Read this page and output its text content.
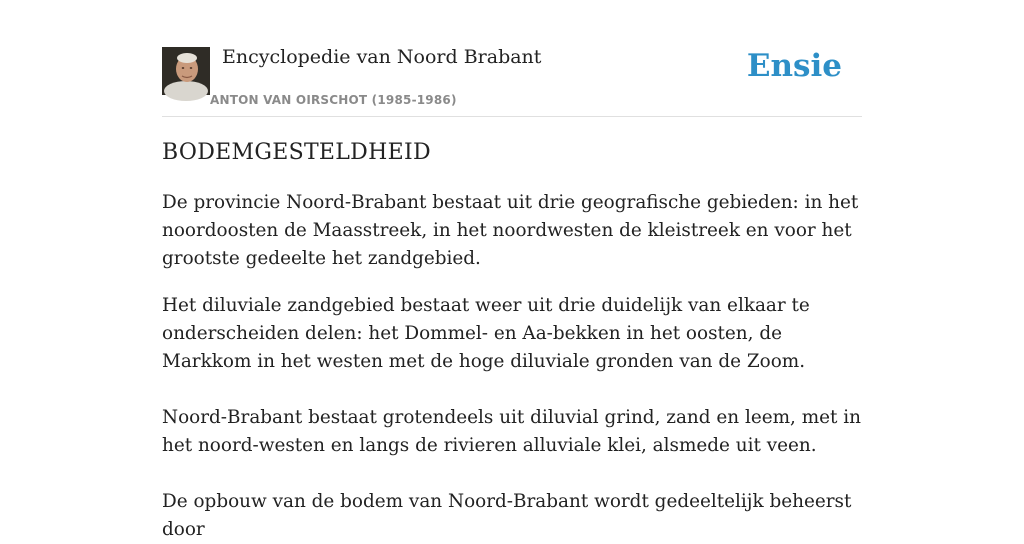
Encyclopedie van Noord Brabant
ANTON VAN OIRSCHOT (1985-1986)
Ensie
BODEMGESTELDHEID

De provincie Noord-Brabant bestaat uit drie geografische gebieden: in het noordoosten de Maasstreek, in het noordwesten de kleistreek en voor het grootste gedeelte het zandgebied.

Het diluviale zandgebied bestaat weer uit drie duidelijk van elkaar te onderscheiden delen: het Dommel- en Aa-bekken in het oosten, de Markkom in het westen met de hoge diluviale gronden van de Zoom.

Noord-Brabant bestaat grotendeels uit diluvial grind, zand en leem, met in het noord-westen en langs de rivieren alluviale klei, alsmede uit veen.

De opbouw van de bodem van Noord-Brabant wordt gedeeltelijk beheerst door
